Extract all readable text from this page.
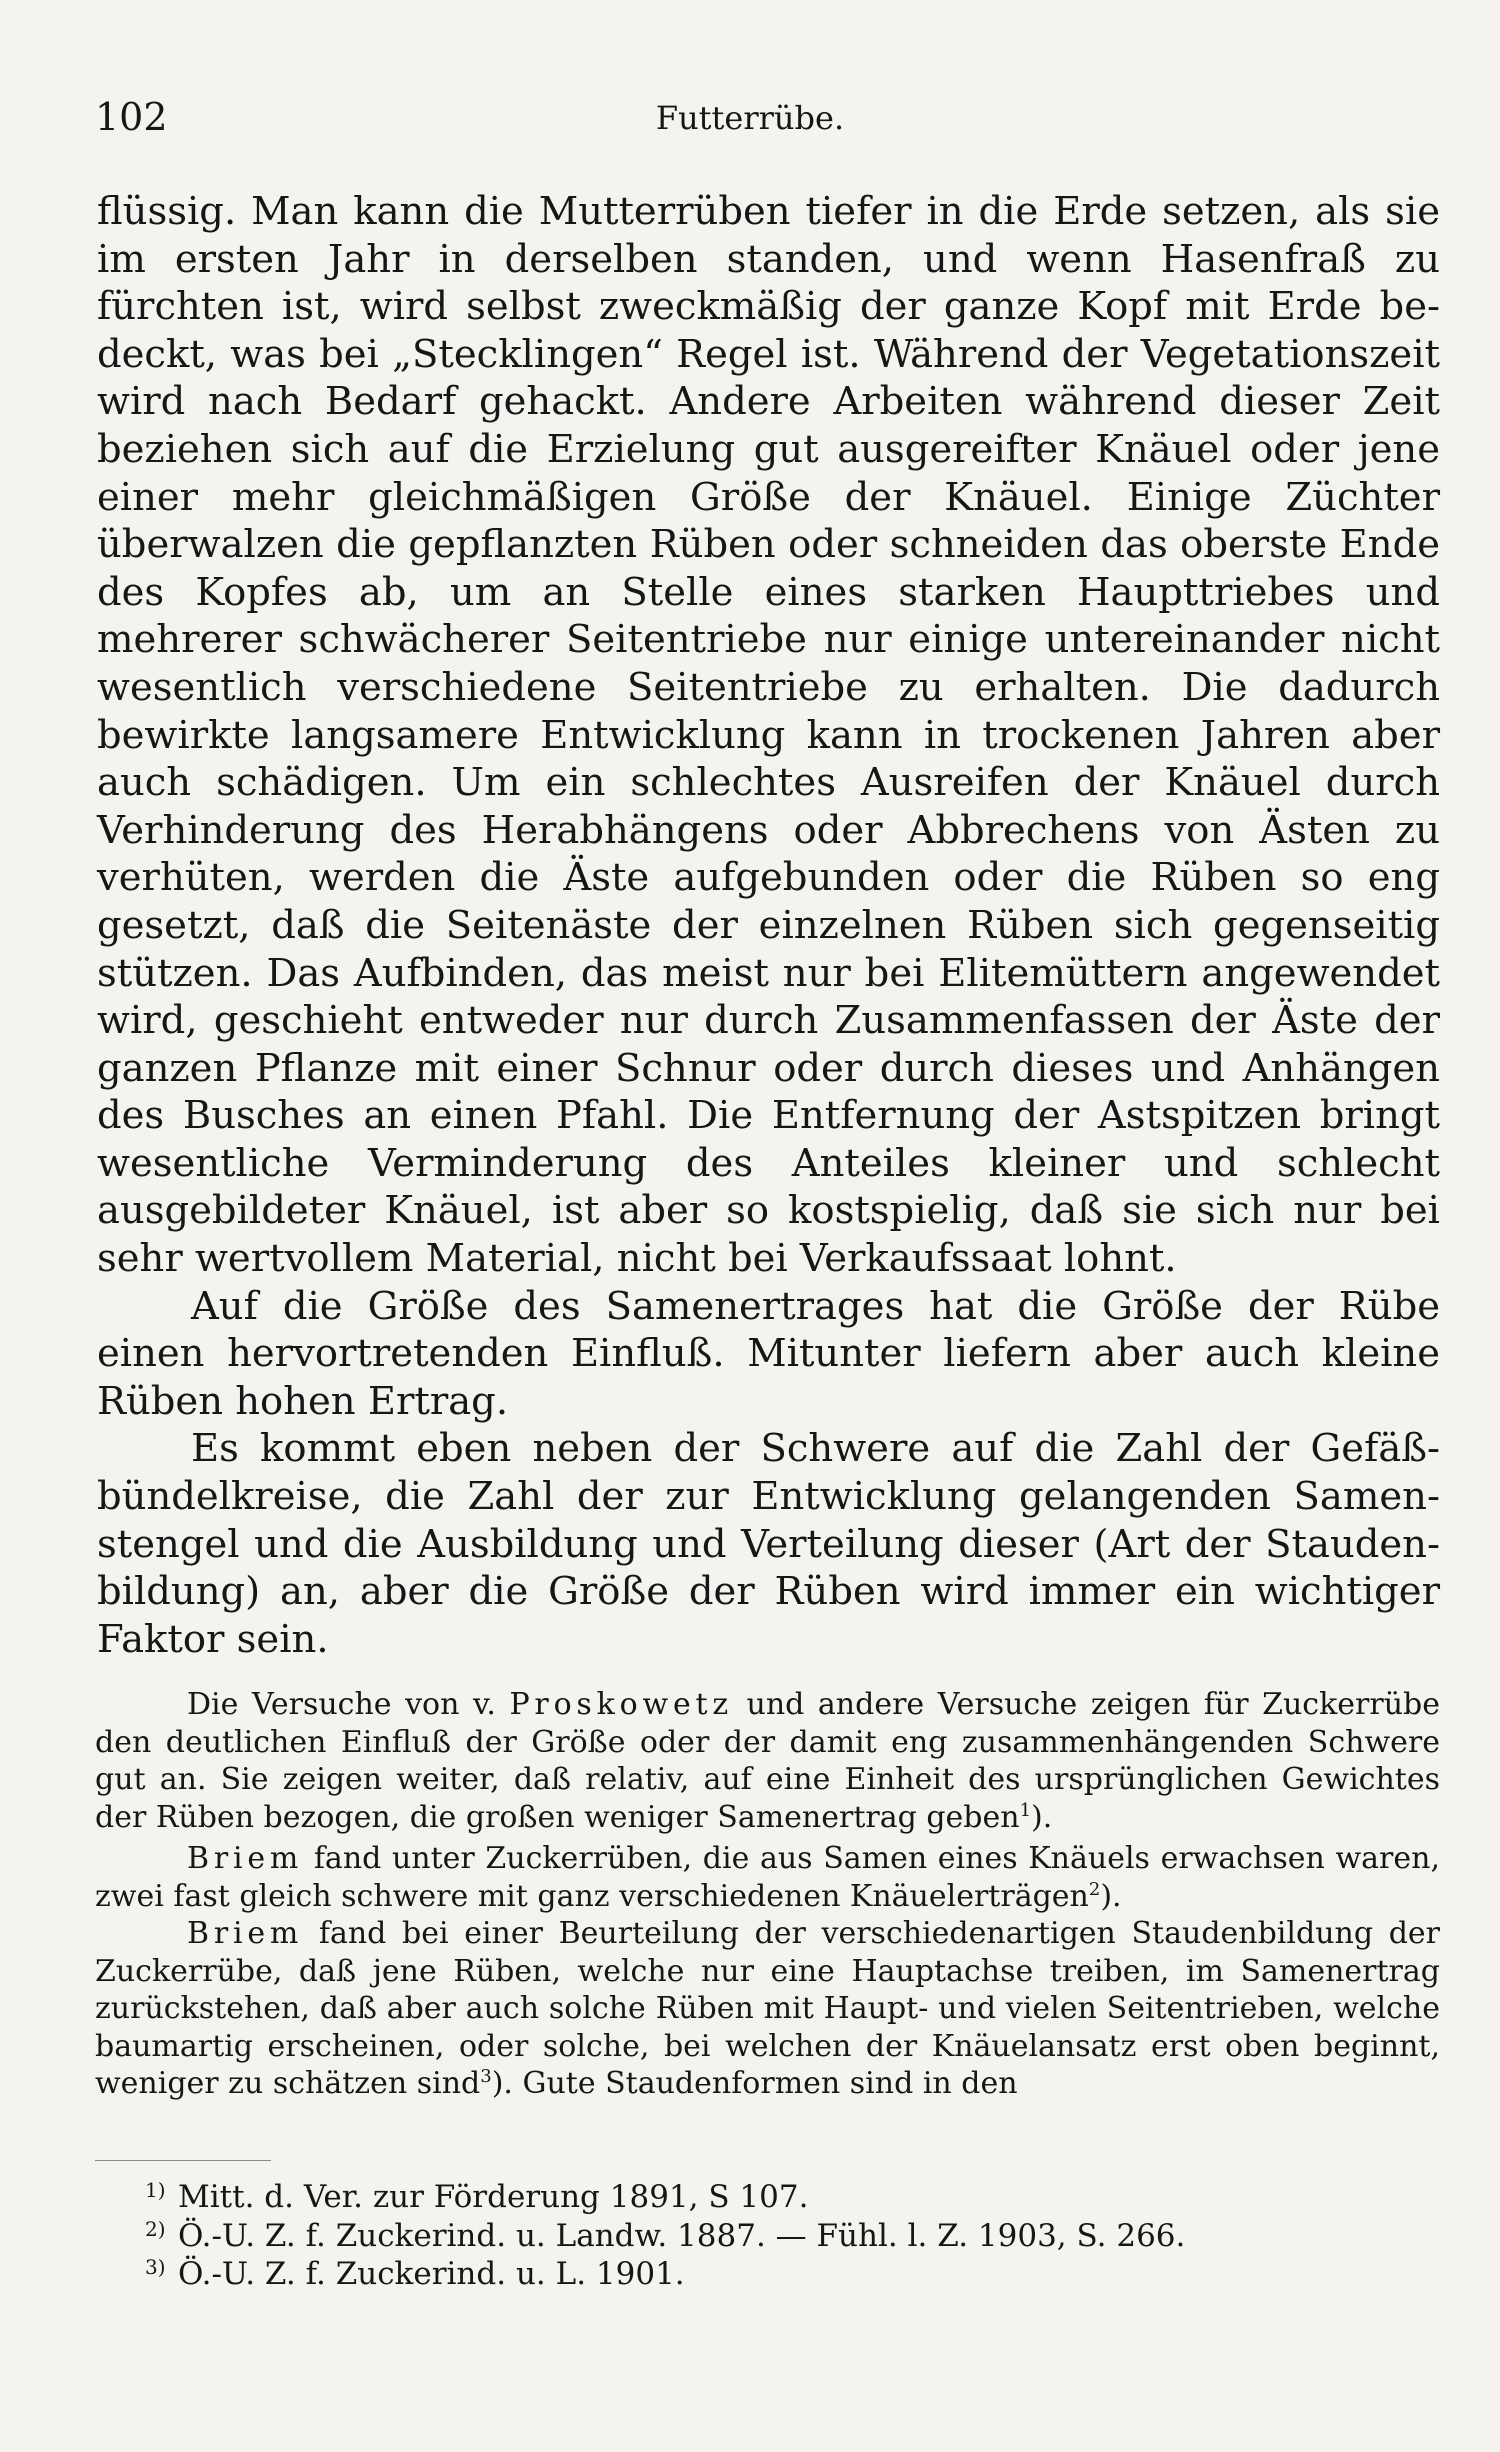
102	Futterrübe.

flüssig. Man kann die Mutterrüben tiefer in die Erde setzen, als sie im ersten Jahr in derselben standen, und wenn Hasenfraß zu fürchten ist, wird selbst zweckmäßig der ganze Kopf mit Erde bedeckt, was bei „Stecklingen“ Regel ist. Während der Vegetationszeit wird nach Bedarf gehackt. Andere Arbeiten während dieser Zeit beziehen sich auf die Erzielung gut ausgereifter Knäuel oder jene einer mehr gleichmäßigen Größe der Knäuel. Einige Züchter überwalzen die gepflanzten Rüben oder schneiden das oberste Ende des Kopfes ab, um an Stelle eines starken Haupttriebes und mehrerer schwächerer Seitentriebe nur einige untereinander nicht wesentlich verschiedene Seitentriebe zu erhalten. Die dadurch bewirkte langsamere Entwicklung kann in trockenen Jahren aber auch schädigen. Um ein schlechtes Ausreifen der Knäuel durch Verhinderung des Herabhängens oder Abbrechens von Ästen zu verhüten, werden die Äste aufgebunden oder die Rüben so eng gesetzt, daß die Seitenäste der einzelnen Rüben sich gegenseitig stützen. Das Aufbinden, das meist nur bei Elitemüttern angewendet wird, geschieht entweder nur durch Zusammenfassen der Äste der ganzen Pflanze mit einer Schnur oder durch dieses und Anhängen des Busches an einen Pfahl. Die Entfernung der Astspitzen bringt wesentliche Verminderung des Anteiles kleiner und schlecht ausgebildeter Knäuel, ist aber so kostspielig, daß sie sich nur bei sehr wertvollem Material, nicht bei Verkaufssaat lohnt.

Auf die Größe des Samenertrages hat die Größe der Rübe einen hervortretenden Einfluß. Mitunter liefern aber auch kleine Rüben hohen Ertrag.

Es kommt eben neben der Schwere auf die Zahl der Gefäßbündelkreise, die Zahl der zur Entwicklung gelangenden Samenstengel und die Ausbildung und Verteilung dieser (Art der Staudenbildung) an, aber die Größe der Rüben wird immer ein wichtiger Faktor sein.

Die Versuche von v. Proskowetz und andere Versuche zeigen für Zuckerrübe den deutlichen Einfluß der Größe oder der damit eng zusammenhängenden Schwere gut an. Sie zeigen weiter, daß relativ, auf eine Einheit des ursprünglichen Gewichtes der Rüben bezogen, die großen weniger Samenertrag geben$^1$).

Briem fand unter Zuckerrüben, die aus Samen eines Knäuels erwachsen waren, zwei fast gleich schwere mit ganz verschiedenen Knäuelerträgen$^2$).

Briem fand bei einer Beurteilung der verschiedenartigen Staudenbildung der Zuckerrübe, daß jene Rüben, welche nur eine Hauptachse treiben, im Samenertrag zurückstehen, daß aber auch solche Rüben mit Haupt- und vielen Seitentrieben, welche baumartig erscheinen, oder solche, bei welchen der Knäuelansatz erst oben beginnt, weniger zu schätzen sind$^3$). Gute Staudenformen sind in den

1) Mitt. d. Ver. zur Förderung 1891, S 107.
2) Ö.-U. Z. f. Zuckerind. u. Landw. 1887. — Fühl. l. Z. 1903, S. 266.
3) Ö.-U. Z. f. Zuckerind. u. L. 1901.
